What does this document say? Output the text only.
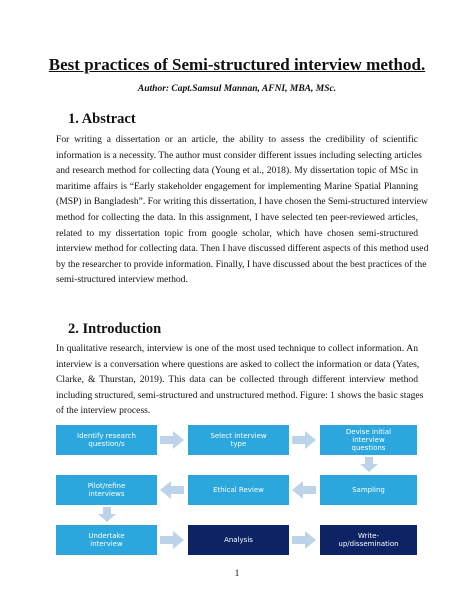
Best practices of Semi-structured interview method.
Author: Capt.Samsul Mannan, AFNI, MBA, MSc.
1. Abstract
For writing a dissertation or an article, the ability to assess the credibility of scientific
information is a necessity. The author must consider different issues including selecting articles
and research method for collecting data (Young et al., 2018). My dissertation topic of MSc in
maritime affairs is “Early stakeholder engagement for implementing Marine Spatial Planning
(MSP) in Bangladesh”. For writing this dissertation, I have chosen the Semi-structured interview
method for collecting the data. In this assignment, I have selected ten peer-reviewed articles,
related to my dissertation topic from google scholar, which have chosen semi-structured
interview method for collecting data. Then I have discussed different aspects of this method used
by the researcher to provide information. Finally, I have discussed about the best practices of the
semi-structured interview method.
2. Introduction
In qualitative research, interview is one of the most used technique to collect information. An
interview is a conversation where questions are asked to collect the information or data (Yates,
Clarke, & Thurstan, 2019). This data can be collected through different interview method
including structured, semi-structured and unstructured method. Figure: 1 shows the basic stages
of the interview process.
Identify research
question/s
Select interview
type
Devise initial
interview
questions
Pilot/refine
interviews	Ethical Review	Sampling
Undertake
interview	Analysis	Write-
up/dissemination
1
